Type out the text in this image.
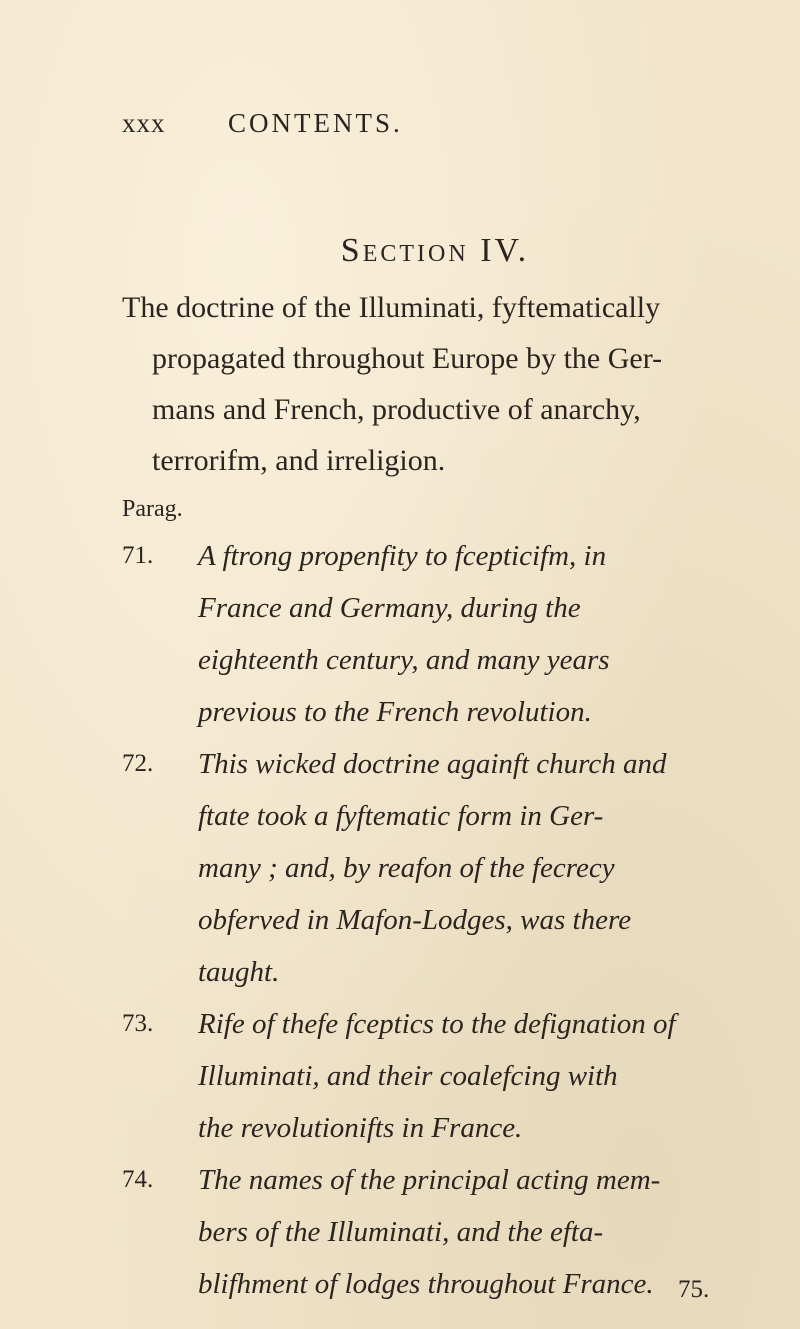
xxx CONTENTS.
Section IV.
The doctrine of the Illuminati, fyftematically
propagated throughout Europe by the Ger-
mans and French, productive of anarchy,
terrorifm, and irreligion.
Parag.
71. A ftrong propenfity to fcepticifm, in
France and Germany, during the
eighteenth century, and many years
previous to the French revolution.
72. This wicked doctrine againft church and
ftate took a fyftematic form in Ger-
many ; and, by reafon of the fecrecy
obferved in Mafon-Lodges, was there
taught.
73. Rife of thefe fceptics to the defignation of
Illuminati, and their coalefcing with
the revolutionifts in France.
74. The names of the principal acting mem-
bers of the Illuminati, and the efta-
blifhment of lodges throughout France. 75.
